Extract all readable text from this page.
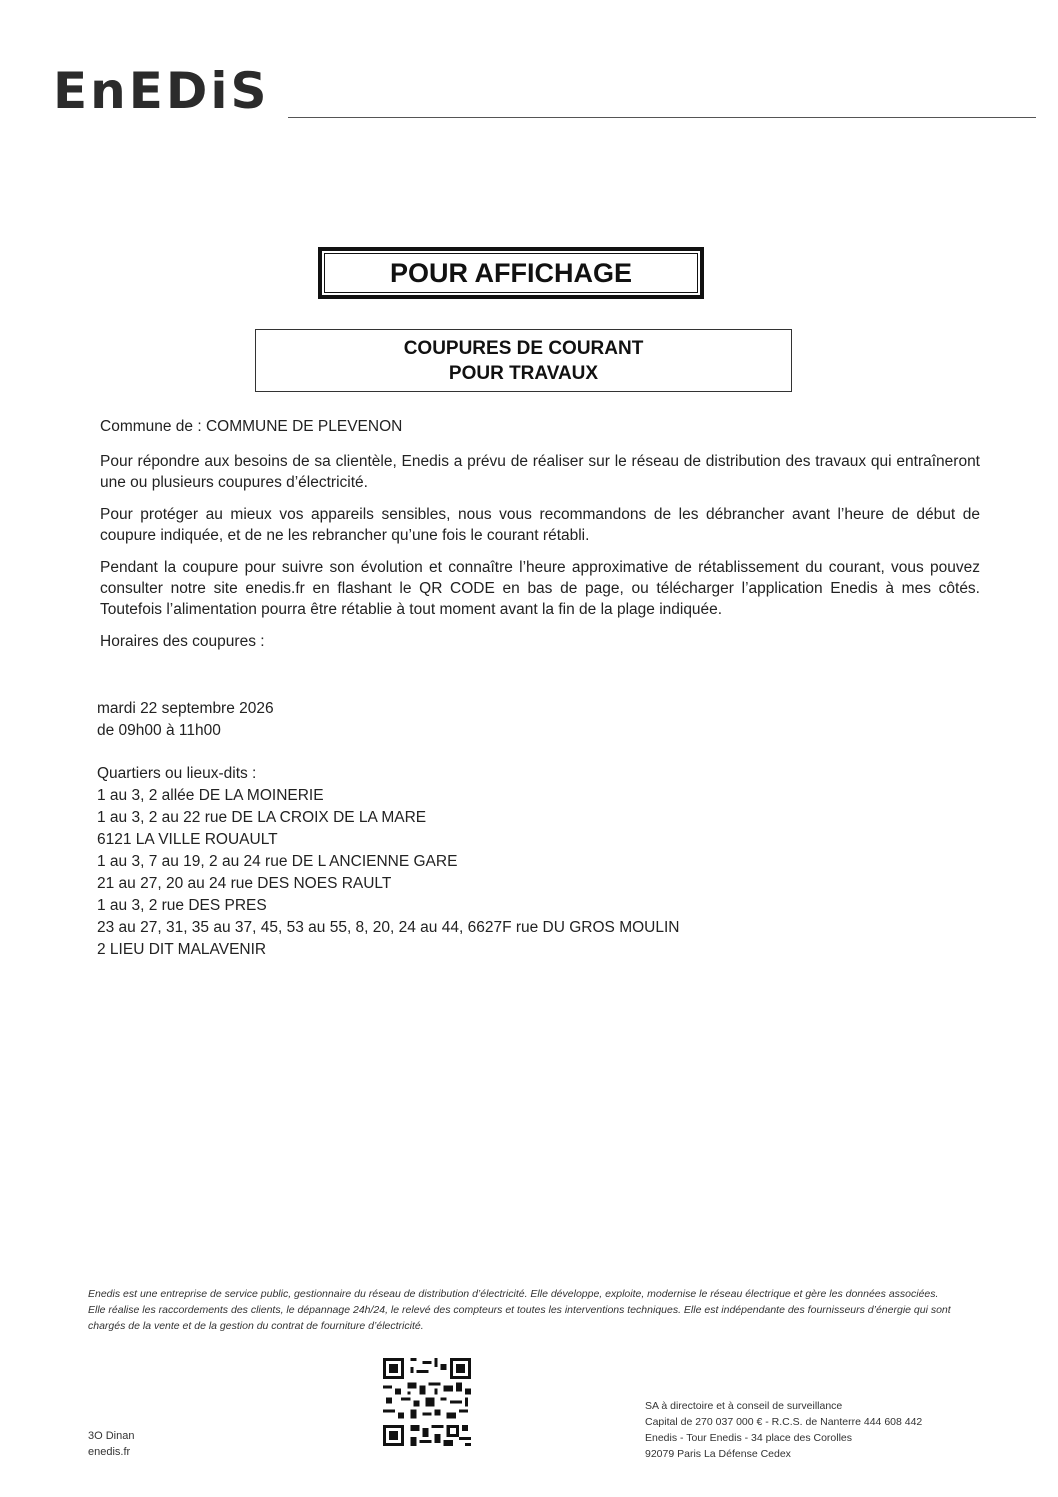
EnEDiS
POUR AFFICHAGE
COUPURES DE COURANT
POUR TRAVAUX

Commune de : COMMUNE DE PLEVENON

Pour répondre aux besoins de sa clientèle, Enedis a prévu de réaliser sur le réseau de distribution des travaux qui entraîneront une ou plusieurs coupures d’électricité.

Pour protéger au mieux vos appareils sensibles, nous vous recommandons de les débrancher avant l’heure de début de coupure indiquée, et de ne les rebrancher qu’une fois le courant rétabli.

Pendant la coupure pour suivre son évolution et connaître l’heure approximative de rétablissement du courant, vous pouvez consulter notre site enedis.fr en flashant le QR CODE en bas de page, ou télécharger l’application Enedis à mes côtés. Toutefois l’alimentation pourra être rétablie à tout moment avant la fin de la plage indiquée.

Horaires des coupures :

mardi 22 septembre 2026
de 09h00 à 11h00
Quartiers ou lieux-dits :
1 au 3, 2 allée DE LA MOINERIE
1 au 3, 2 au 22 rue DE LA CROIX DE LA MARE
6121 LA VILLE ROUAULT
1 au 3, 7 au 19, 2 au 24 rue DE L ANCIENNE GARE
21 au 27, 20 au 24 rue DES NOES RAULT
1 au 3, 2 rue DES PRES
23 au 27, 31, 35 au 37, 45, 53 au 55, 8, 20, 24 au 44, 6627F rue DU GROS MOULIN
2 LIEU DIT MALAVENIR
Enedis est une entreprise de service public, gestionnaire du réseau de distribution d’électricité. Elle développe, exploite, modernise le réseau électrique et gère les données associées. Elle réalise les raccordements des clients, le dépannage 24h/24, le relevé des compteurs et toutes les interventions techniques. Elle est indépendante des fournisseurs d’énergie qui sont chargés de la vente et de la gestion du contrat de fourniture d’électricité.
3O Dinan
enedis.fr
SA à directoire et à conseil de surveillance
Capital de 270 037 000 € - R.C.S. de Nanterre 444 608 442
Enedis - Tour Enedis - 34 place des Corolles
92079 Paris La Défense Cedex
